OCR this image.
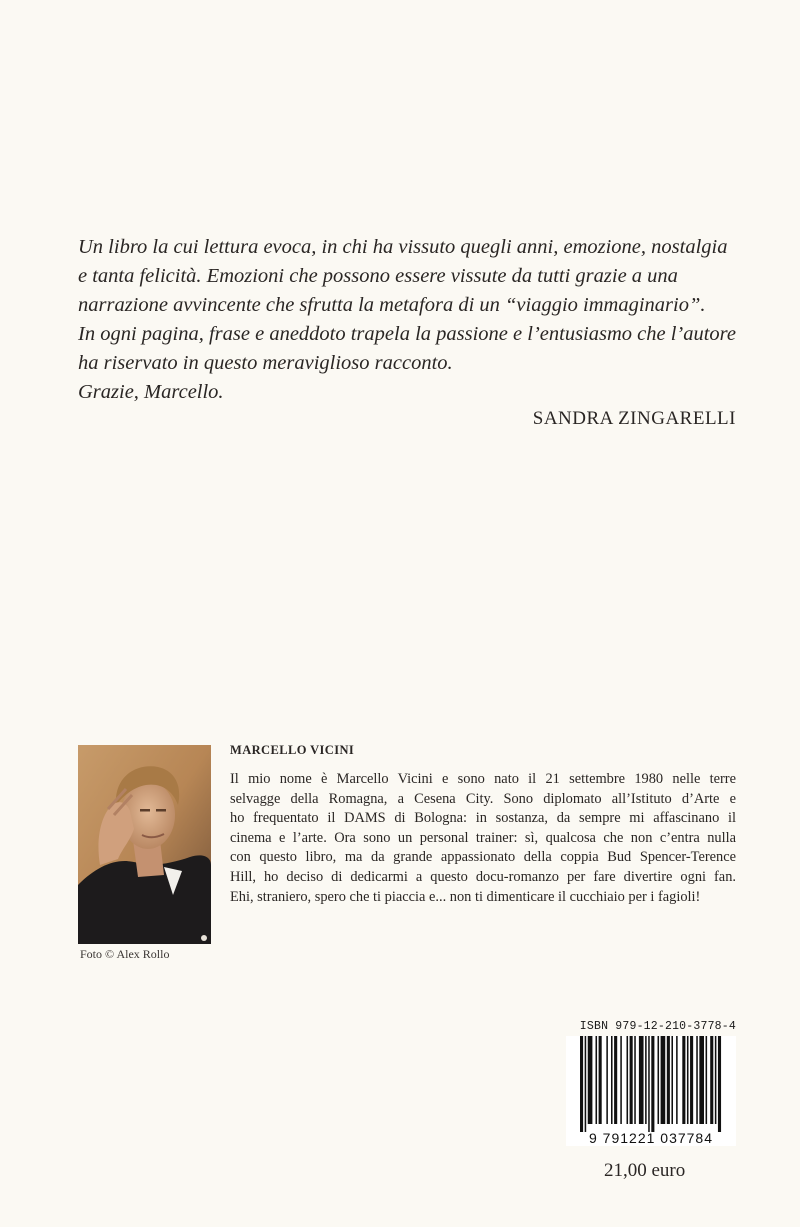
Un libro la cui lettura evoca, in chi ha vissuto quegli anni, emozione, nostalgia

e tanta felicità. Emozioni che possono essere vissute da tutti grazie a una

narrazione avvincente che sfrutta la metafora di un “viaggio immaginario”.

In ogni pagina, frase e aneddoto trapela la passione e l’entusiasmo che l’autore

ha riservato in questo meraviglioso racconto.

Grazie, Marcello.

SANDRA ZINGARELLI
Foto © Alex Rollo
MARCELLO VICINI
Il mio nome è Marcello Vicini e sono nato il 21 settembre 1980 nelle terre
selvagge della Romagna, a Cesena City. Sono diplomato all’Istituto d’Arte e
ho frequentato il DAMS di Bologna: in sostanza, da sempre mi affascinano il
cinema e l’arte. Ora sono un personal trainer: sì, qualcosa che non c’entra nulla
con questo libro, ma da grande appassionato della coppia Bud Spencer-Terence
Hill, ho deciso di dedicarmi a questo docu-romanzo per fare divertire ogni fan.
Ehi, straniero, spero che ti piaccia e... non ti dimenticare il cucchiaio per i fagioli!
ISBN 979-12-210-3778-4
9 791221 037784
21,00 euro
